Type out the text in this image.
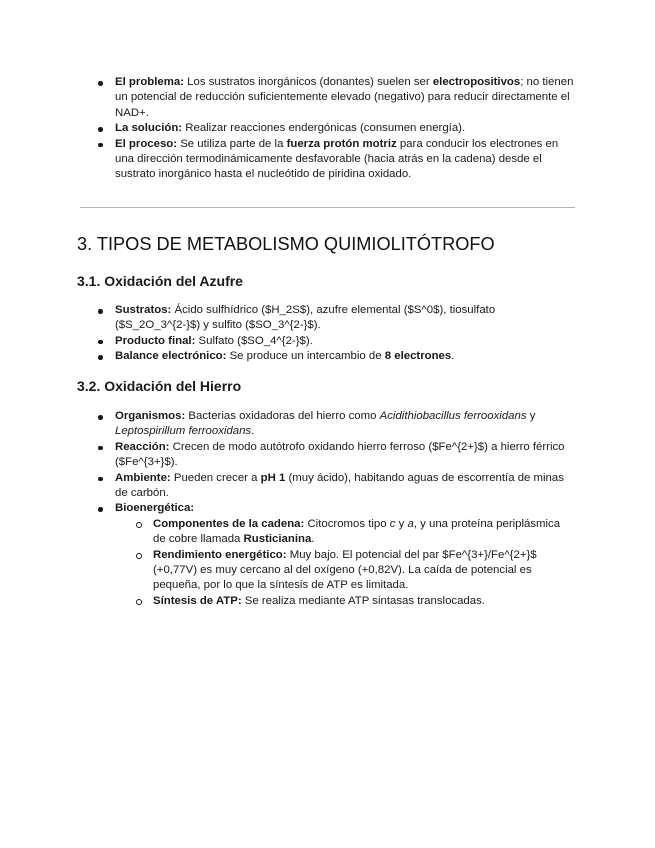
El problema: Los sustratos inorgánicos (donantes) suelen ser electropositivos; no tienen un potencial de reducción suficientemente elevado (negativo) para reducir directamente el NAD+.
La solución: Realizar reacciones endergónicas (consumen energía).
El proceso: Se utiliza parte de la fuerza protón motriz para conducir los electrones en una dirección termodinámicamente desfavorable (hacia atrás en la cadena) desde el sustrato inorgánico hasta el nucleótido de piridina oxidado.
3. TIPOS DE METABOLISMO QUIMIOLITÓTROFO
3.1. Oxidación del Azufre
Sustratos: Ácido sulfhídrico ($H_2S$), azufre elemental ($S^0$), tiosulfato ($S_2O_3^{2-}$) y sulfito ($SO_3^{2-}$).
Producto final: Sulfato ($SO_4^{2-}$).
Balance electrónico: Se produce un intercambio de 8 electrones.
3.2. Oxidación del Hierro
Organismos: Bacterias oxidadoras del hierro como Acidithiobacillus ferrooxidans y Leptospirillum ferrooxidans.
Reacción: Crecen de modo autótrofo oxidando hierro ferroso ($Fe^{2+}$) a hierro férrico ($Fe^{3+}$).
Ambiente: Pueden crecer a pH 1 (muy ácido), habitando aguas de escorrentía de minas de carbón.
Bioenergética:
Componentes de la cadena: Citocromos tipo c y a, y una proteína periplásmica de cobre llamada Rusticianina.
Rendimiento energético: Muy bajo. El potencial del par $Fe^{3+}/Fe^{2+}$ (+0,77V) es muy cercano al del oxígeno (+0,82V). La caída de potencial es pequeña, por lo que la síntesis de ATP es limitada.
Síntesis de ATP: Se realiza mediante ATP sintasas translocadas.
